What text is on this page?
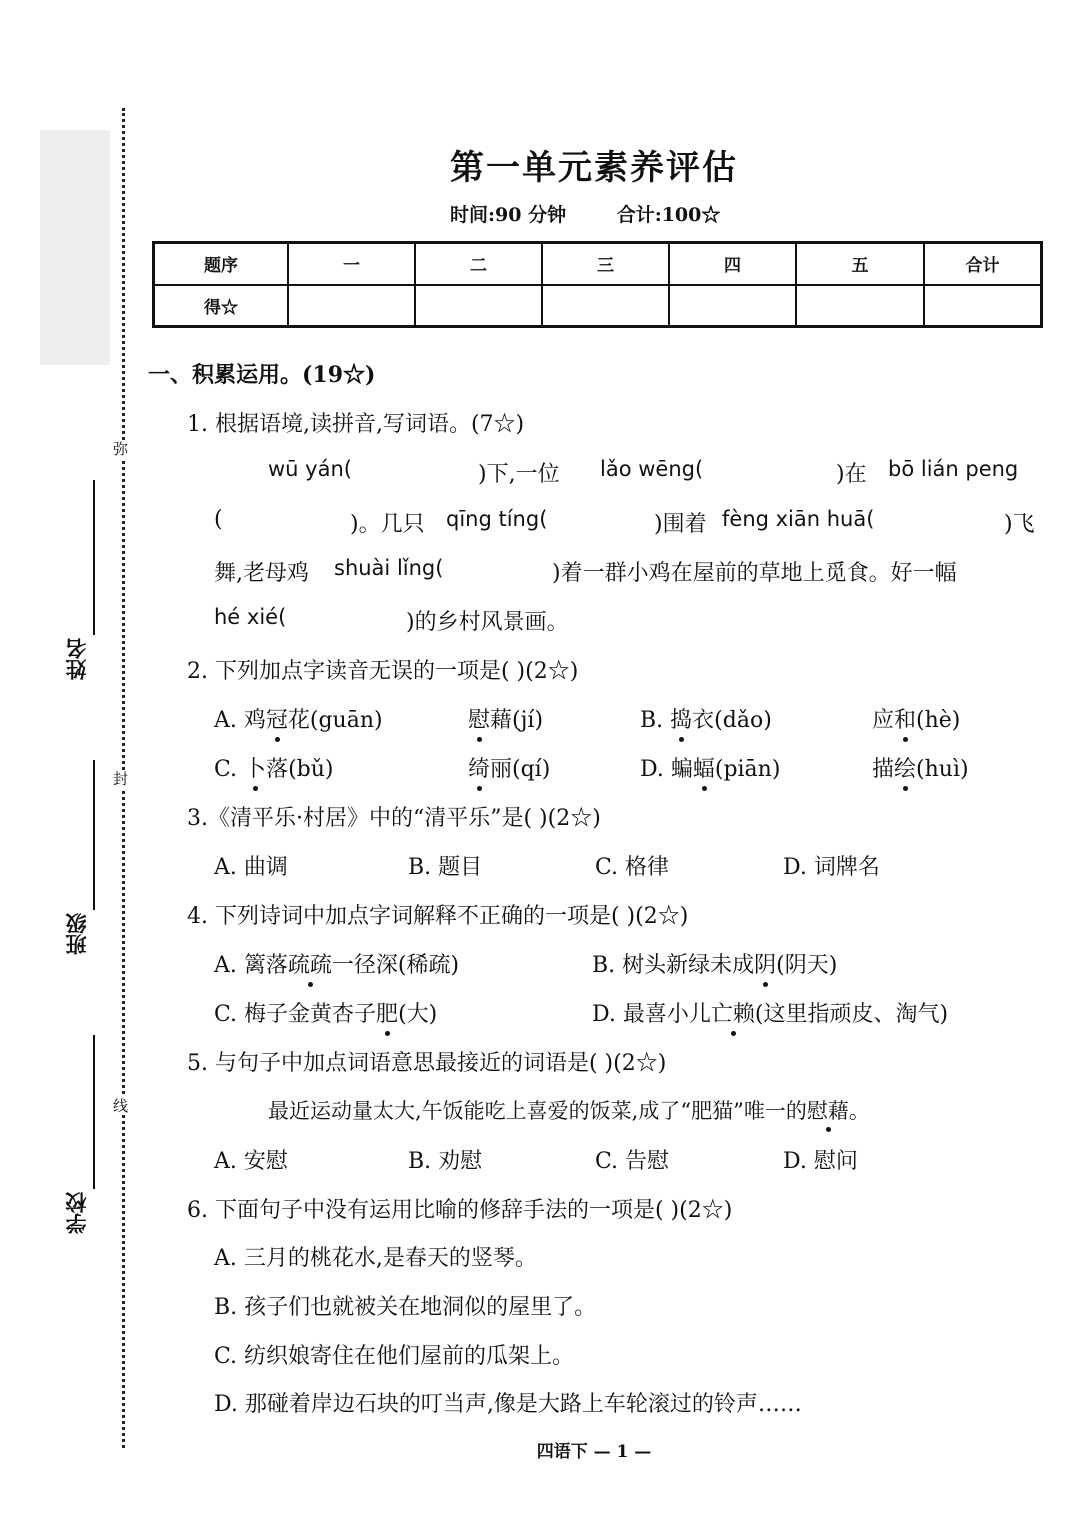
弥
封
线
姓名
班级
学校
第一单元素养评估
时间:90 分钟	合计:100☆
题序	一	二	三	四	五	合计
得☆						
一、积累运用。(19☆)
1. 根据语境,读拼音,写词语。(7☆)
wū yán(	)下,一位 lǎo wēng(	)在 bō lián peng
(	)。几只 qīng tíng(	)围着 fèng xiān huā(	)飞
舞,老母鸡 shuài lǐng(	)着一群小鸡在屋前的草地上觅食。好一幅
hé xié(	)的乡村风景画。
2. 下列加点字读音无误的一项是( )(2☆)
A. 鸡冠花(guān)	慰藉(jí)	B. 捣衣(dǎo)	应和(hè)
C. 卜落(bǔ)	绮丽(qí)	D. 蝙蝠(piān)	描绘(huì)
3.《清平乐·村居》中的“清平乐”是( )(2☆)
A. 曲调	B. 题目	C. 格律	D. 词牌名
4. 下列诗词中加点字词解释不正确的一项是( )(2☆)
A. 篱落疏疏一径深(稀疏)	B. 树头新绿未成阴(阴天)
C. 梅子金黄杏子肥(大)	D. 最喜小儿亡赖(这里指顽皮、淘气)
5. 与句子中加点词语意思最接近的词语是( )(2☆)
最近运动量太大,午饭能吃上喜爱的饭菜,成了“肥猫”唯一的慰藉。
A. 安慰	B. 劝慰	C. 告慰	D. 慰问
6. 下面句子中没有运用比喻的修辞手法的一项是( )(2☆)
A. 三月的桃花水,是春天的竖琴。
B. 孩子们也就被关在地洞似的屋里了。
C. 纺织娘寄住在他们屋前的瓜架上。
D. 那碰着岸边石块的叮当声,像是大路上车轮滚过的铃声……
四语下 — 1 —
